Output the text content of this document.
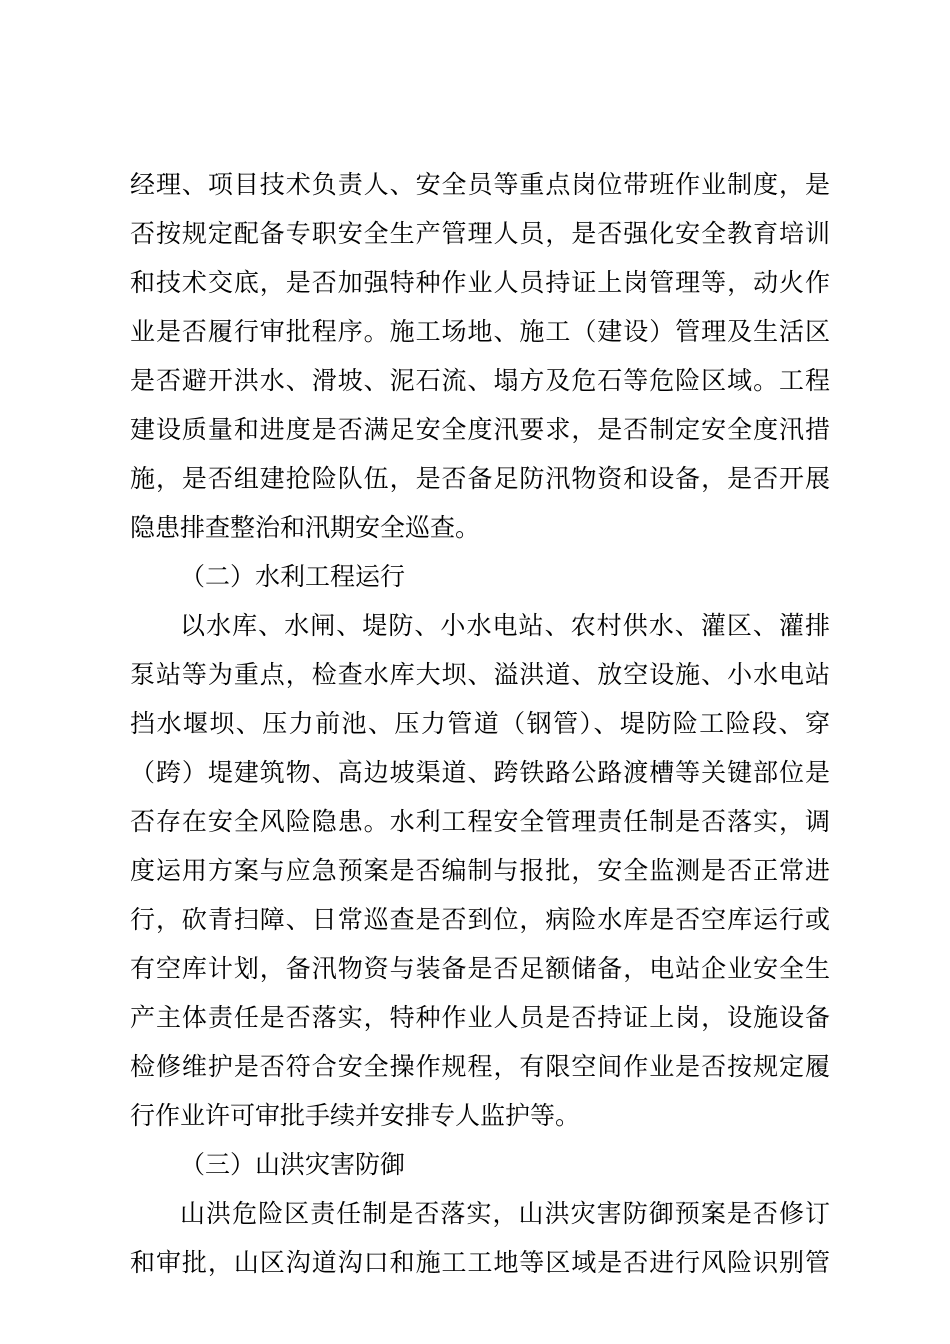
经理、项目技术负责人、安全员等重点岗位带班作业制度，是
否按规定配备专职安全生产管理人员，是否强化安全教育培训
和技术交底，是否加强特种作业人员持证上岗管理等，动火作
业是否履行审批程序。施工场地、施工（建设）管理及生活区
是否避开洪水、滑坡、泥石流、塌方及危石等危险区域。工程
建设质量和进度是否满足安全度汛要求，是否制定安全度汛措
施，是否组建抢险队伍，是否备足防汛物资和设备，是否开展
隐患排查整治和汛期安全巡查。
（二）水利工程运行
以水库、水闸、堤防、小水电站、农村供水、灌区、灌排
泵站等为重点，检查水库大坝、溢洪道、放空设施、小水电站
挡水堰坝、压力前池、压力管道（钢管）、堤防险工险段、穿
（跨）堤建筑物、高边坡渠道、跨铁路公路渡槽等关键部位是
否存在安全风险隐患。水利工程安全管理责任制是否落实，调
度运用方案与应急预案是否编制与报批，安全监测是否正常进
行，砍青扫障、日常巡查是否到位，病险水库是否空库运行或
有空库计划，备汛物资与装备是否足额储备，电站企业安全生
产主体责任是否落实，特种作业人员是否持证上岗，设施设备
检修维护是否符合安全操作规程，有限空间作业是否按规定履
行作业许可审批手续并安排专人监护等。
（三）山洪灾害防御
山洪危险区责任制是否落实，山洪灾害防御预案是否修订
和审批，山区沟道沟口和施工工地等区域是否进行风险识别管
